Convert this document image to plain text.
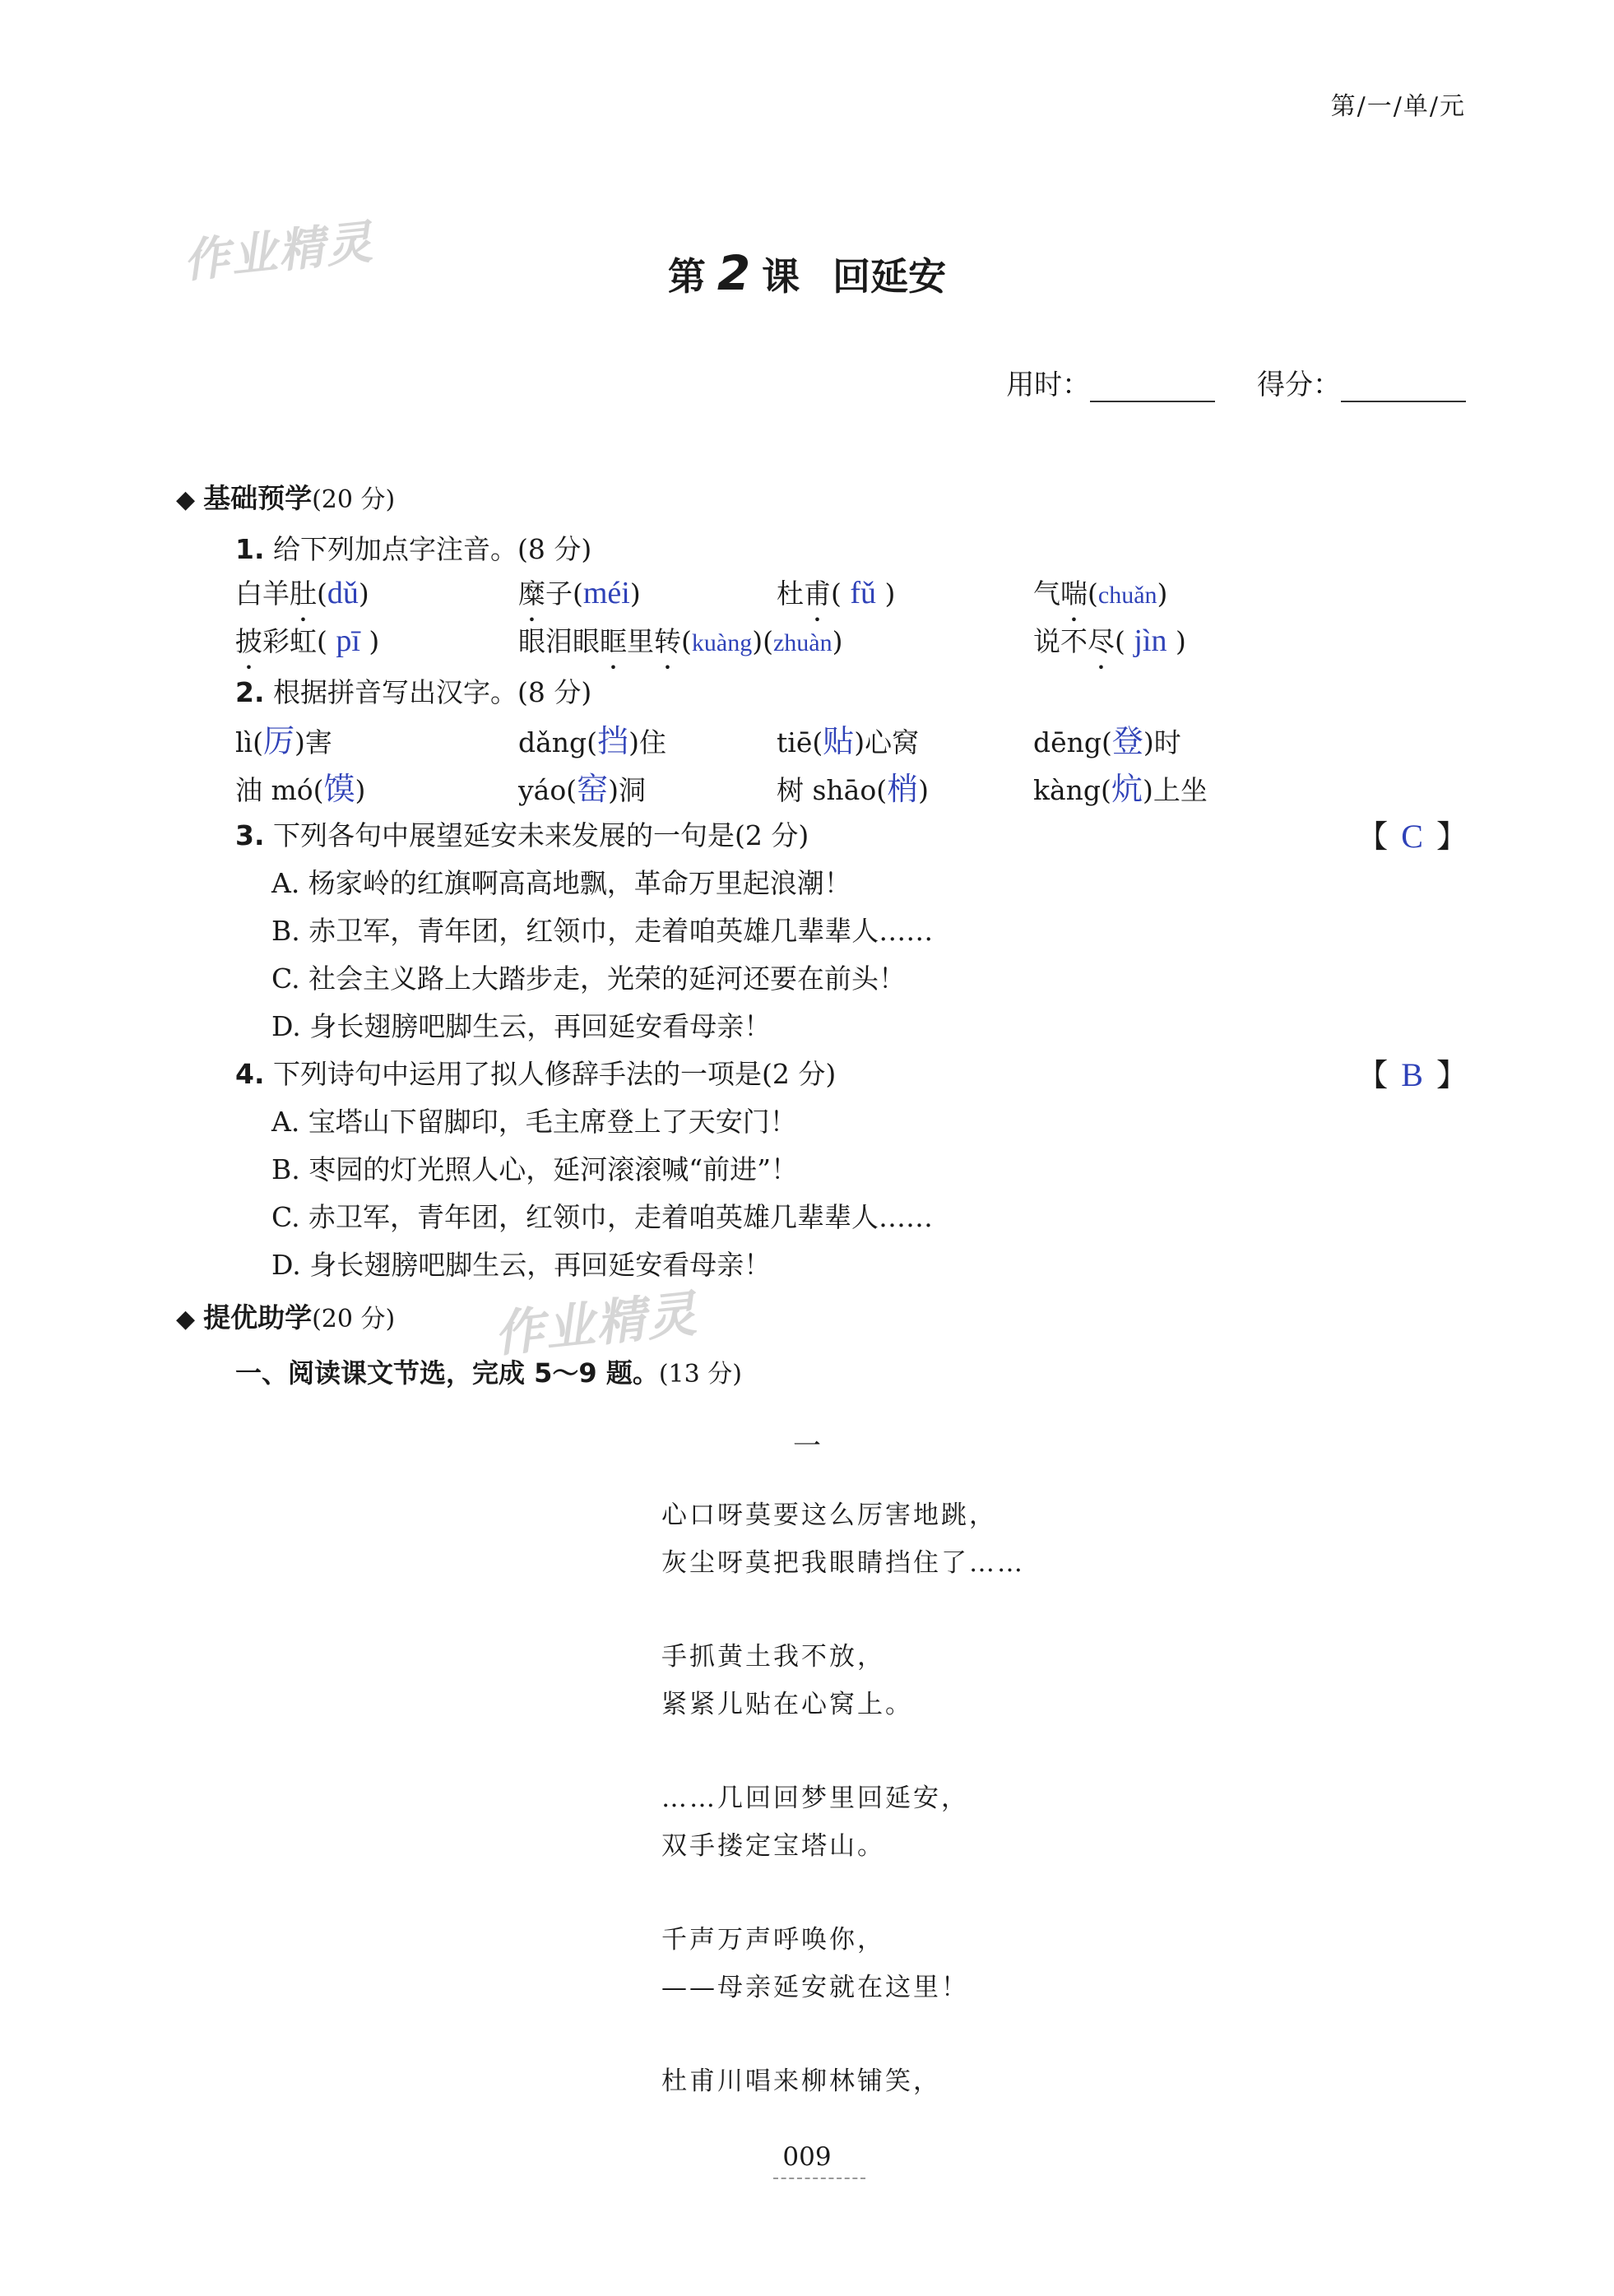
第/一/单/元
作业精灵
作业精灵
第 2 课 回延安
用时：	得分：
◆ 基础预学(20 分)
1. 给下列加点字注音。(8 分)
白羊肚(dǔ)	糜子(méi)	杜甫( fǔ )	气喘(chuǎn)
披彩虹( pī )	眼泪眼眶里转(kuàng)(zhuàn)	说不尽( jìn )
2. 根据拼音写出汉字。(8 分)
lì(厉)害	dǎng(挡)住	tiē(贴)心窝	dēng(登)时
油 mó(馍)	yáo(窑)洞	树 shāo(梢)	kàng(炕)上坐
3. 下列各句中展望延安未来发展的一句是(2 分)	【 C 】
A. 杨家岭的红旗啊高高地飘，革命万里起浪潮！
B. 赤卫军，青年团，红领巾，走着咱英雄几辈辈人……
C. 社会主义路上大踏步走，光荣的延河还要在前头！
D. 身长翅膀吧脚生云，再回延安看母亲！
4. 下列诗句中运用了拟人修辞手法的一项是(2 分)	【 B 】
A. 宝塔山下留脚印，毛主席登上了天安门！
B. 枣园的灯光照人心，延河滚滚喊“前进”！
C. 赤卫军，青年团，红领巾，走着咱英雄几辈辈人……
D. 身长翅膀吧脚生云，再回延安看母亲！
◆ 提优助学(20 分)
一、阅读课文节选，完成 5～9 题。(13 分)
一
心口呀莫要这么厉害地跳，
灰尘呀莫把我眼睛挡住了……
手抓黄土我不放，
紧紧儿贴在心窝上。
……几回回梦里回延安，
双手搂定宝塔山。
千声万声呼唤你，
——母亲延安就在这里！
杜甫川唱来柳林铺笑，
009
